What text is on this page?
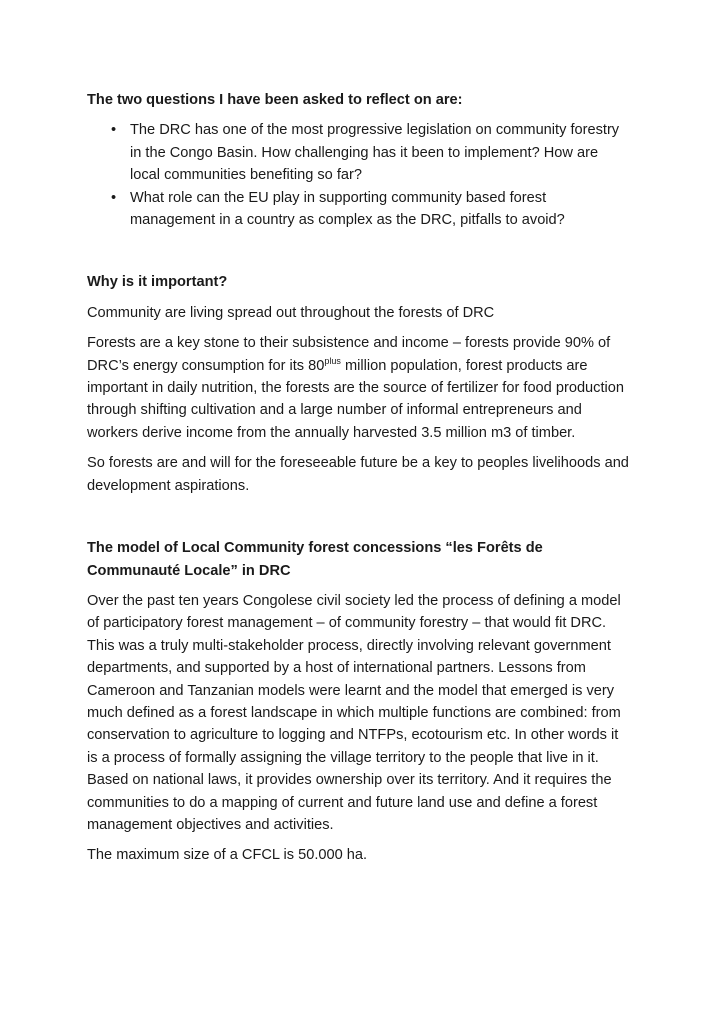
The two questions I have been asked to reflect on are:
• The DRC has one of the most progressive legislation on community forestry in the Congo Basin. How challenging has it been to implement? How are local communities benefiting so far?
• What role can the EU play in supporting community based forest management in a country as complex as the DRC, pitfalls to avoid?
Why is it important?

Community are living spread out throughout the forests of DRC

Forests are a key stone to their subsistence and income – forests provide 90% of DRC’s energy consumption for its $80^{plus}$ million population, forest products are important in daily nutrition, the forests are the source of fertilizer for food production through shifting cultivation and a large number of informal entrepreneurs and workers derive income from the annually harvested 3.5 million m3 of timber.

So forests are and will for the foreseeable future be a key to peoples livelihoods and development aspirations.

The model of Local Community forest concessions “les Forêts de Communauté Locale” in DRC

Over the past ten years Congolese civil society led the process of defining a model of participatory forest management – of community forestry – that would fit DRC. This was a truly multi-stakeholder process, directly involving relevant government departments, and supported by a host of international partners. Lessons from Cameroon and Tanzanian models were learnt and the model that emerged is very much defined as a forest landscape in which multiple functions are combined: from conservation to agriculture to logging and NTFPs, ecotourism etc. In other words it is a process of formally assigning the village territory to the people that live in it. Based on national laws, it provides ownership over its territory. And it requires the communities to do a mapping of current and future land use and define a forest management objectives and activities.

The maximum size of a CFCL is 50.000 ha.
